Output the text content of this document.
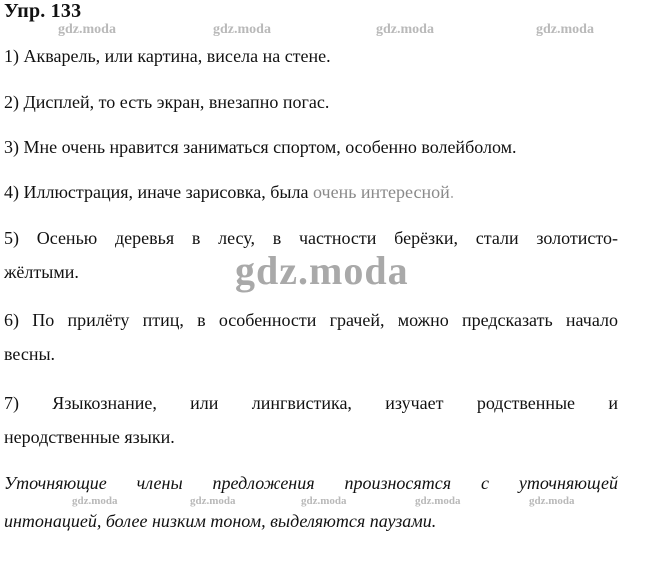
Упр. 133
gdz.moda	gdz.moda	gdz.moda	gdz.moda
1) Акварель, или картина, висела на стене.
2) Дисплей, то есть экран, внезапно погас.
3) Мне очень нравится заниматься спортом, особенно волейболом.
4) Иллюстрация, иначе зарисовка, была очень интересной.
5) Осенью деревья в лесу, в частности берёзки, стали золотисто-
жёлтыми.	gdz.moda
6) По прилёту птиц, в особенности грачей, можно предсказать начало
весны.
7) Языкознание, или лингвистика, изучает родственные и
неродственные языки.
Уточняющие члены предложения произносятся с уточняющей
gdz.moda	gdz.moda	gdz.moda	gdz.moda	gdz.moda
интонацией, более низким тоном, выделяются паузами.
